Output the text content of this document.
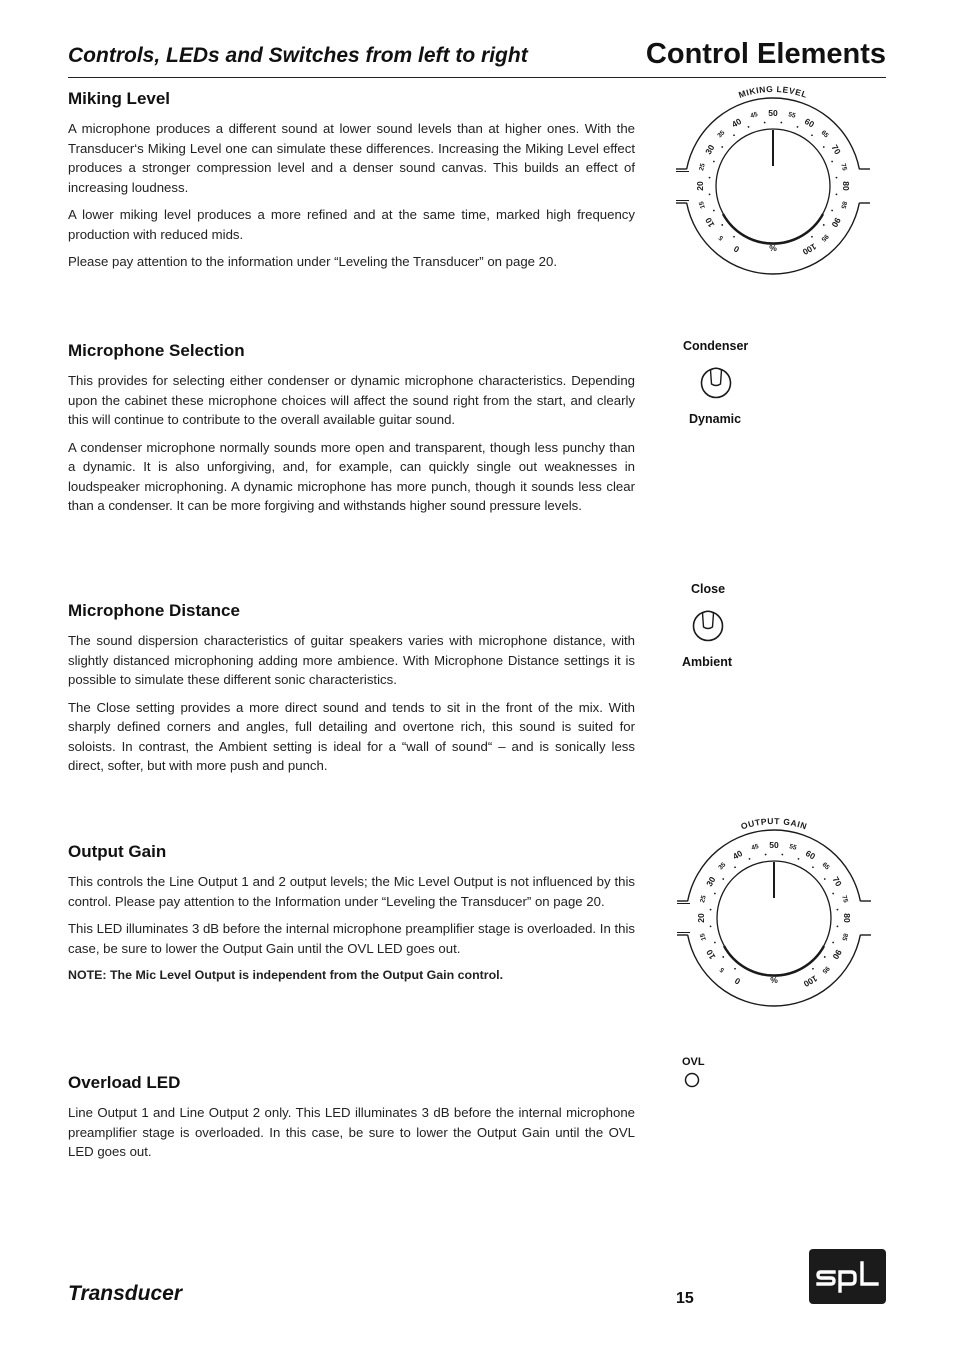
Controls, LEDs and Switches from left to right	Control Elements
Miking Level

A microphone produces a different sound at lower sound levels than at higher ones. With the Transducer‘s Miking Level one can simulate these differences. Increasing the Miking Level effect produces a stronger compression level and a denser sound canvas. This builds an effect of increasing loudness.

A lower miking level produces a more refined and at the same time, marked high frequency production with reduced mids.

Please pay attention to the information under “Leveling the Transducer” on page 20.

Microphone Selection

This provides for selecting either condenser or dynamic microphone characteristics. Depending upon the cabinet these microphone choices will affect the sound right from the start, and clearly this will continue to contribute to the overall available guitar sound.

A condenser microphone normally sounds more open and transparent, though less punchy than a dynamic. It is also unforgiving, and, for example, can quickly single out weaknesses in loudspeaker microphoning. A dynamic microphone has more punch, though it sounds less clear than a condenser. It can be more forgiving and withstands higher sound pressure levels.

Microphone Distance

The sound dispersion characteristics of guitar speakers varies with microphone distance, with slightly distanced microphoning adding more ambience. With Microphone Distance settings it is possible to simulate these different sonic characteristics.

The Close setting provides a more direct sound and tends to sit in the front of the mix. With sharply defined corners and angles, full detailing and overtone rich, this sound is suited for soloists. In contrast, the Ambient setting is ideal for a “wall of sound“ – and is sonically less direct, softer, but with more push and punch.

Output Gain

This controls the Line Output 1 and 2 output levels; the Mic Level Output is not influenced by this control. Please pay attention to the Information under “Leveling the Transducer” on page 20.

This LED illuminates 3 dB before the internal microphone preamplifier stage is overloaded. In this case, be sure to lower the Output Gain until the OVL LED goes out.

NOTE: The Mic Level Output is independent from the Output Gain control.

Overload LED

Line Output 1 and Line Output 2 only. This LED illuminates 3 dB before the internal microphone preamplifier stage is overloaded. In this case, be sure to lower the Output Gain until the OVL LED goes out.

MIKING LEVEL
0
5
10
15
20
25
30
35
40
45 50 55
60
65
70
75
80
85
90
95
100
%
Condenser
Dynamic
Close
Ambient
OUTPUT GAIN
0
5
10
15
20
25
30
35
40
45 50 55
60
65
70
75
80
85
90
95
100
%
OVL
Transducer	15
